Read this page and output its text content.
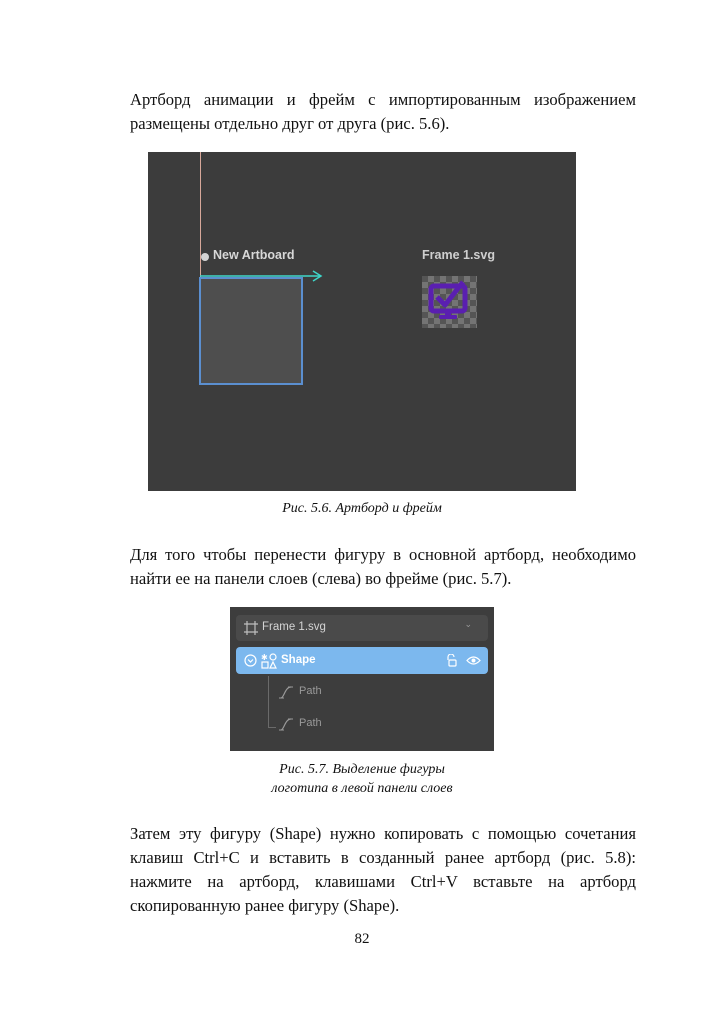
Артборд анимации и фрейм с импортированным изображением размещены отдельно друг от друга (рис. 5.6).
New Artboard	Frame 1.svg
Рис. 5.6. Артборд и фрейм
Для того чтобы перенести фигуру в основной артборд, необходимо найти ее на панели слоев (слева) во фрейме (рис. 5.7).
Frame 1.svg	⌄
✱ Shape
Path
Path
Рис. 5.7. Выделение фигуры
логотипа в левой панели слоев
Затем эту фигуру (Shape) нужно копировать с помощью сочетания клавиш Ctrl+C и вставить в созданный ранее артборд (рис. 5.8): нажмите на артборд, клавишами Ctrl+V вставьте на артборд скопированную ранее фигуру (Shape).
82
